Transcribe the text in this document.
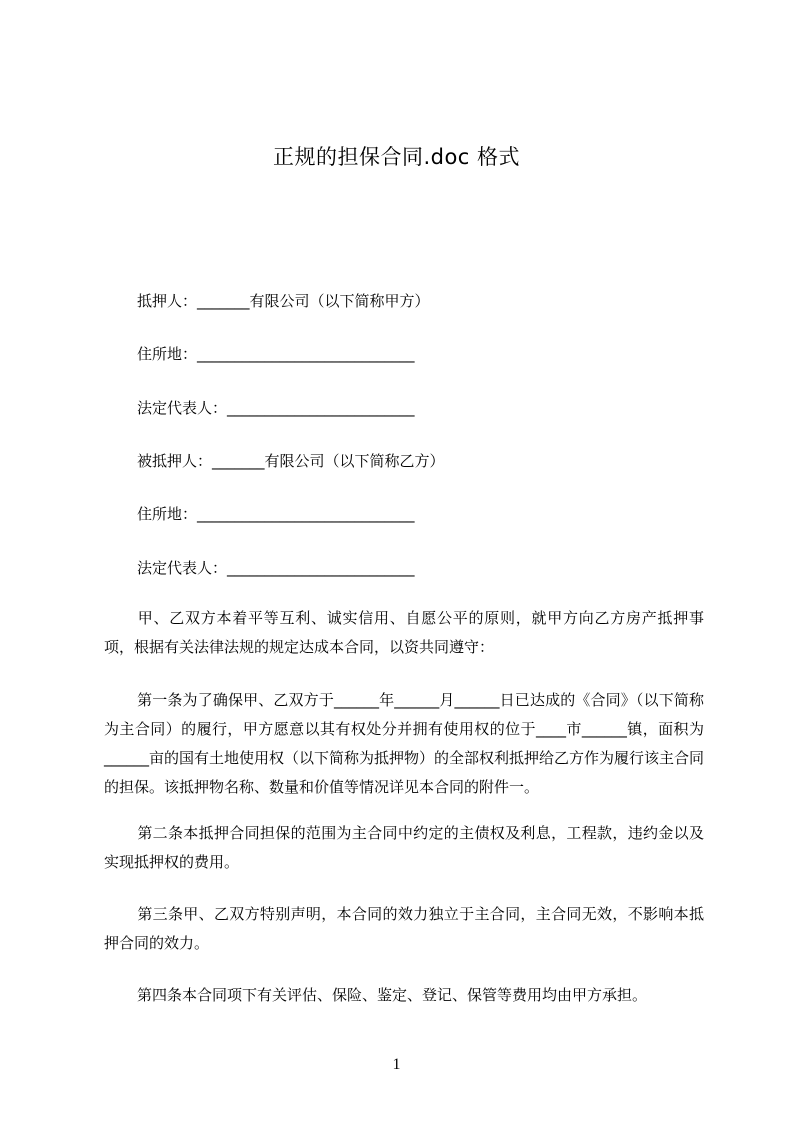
正规的担保合同.doc 格式
抵押人：_______有限公司（以下简称甲方）
住所地：_____________________________
法定代表人：_________________________
被抵押人：_______有限公司（以下简称乙方）
住所地：_____________________________
法定代表人：_________________________
甲、乙双方本着平等互利、诚实信用、自愿公平的原则，就甲方向乙方房产抵押事项，根据有关法律法规的规定达成本合同，以资共同遵守：
第一条为了确保甲、乙双方于______年______月______日已达成的《合同》（以下简称为主合同）的履行，甲方愿意以其有权处分并拥有使用权的位于____市______镇，面积为______亩的国有土地使用权（以下简称为抵押物）的全部权利抵押给乙方作为履行该主合同的担保。该抵押物名称、数量和价值等情况详见本合同的附件一。
第二条本抵押合同担保的范围为主合同中约定的主债权及利息，工程款，违约金以及实现抵押权的费用。
第三条甲、乙双方特别声明，本合同的效力独立于主合同，主合同无效，不影响本抵押合同的效力。
第四条本合同项下有关评估、保险、鉴定、登记、保管等费用均由甲方承担。
1
